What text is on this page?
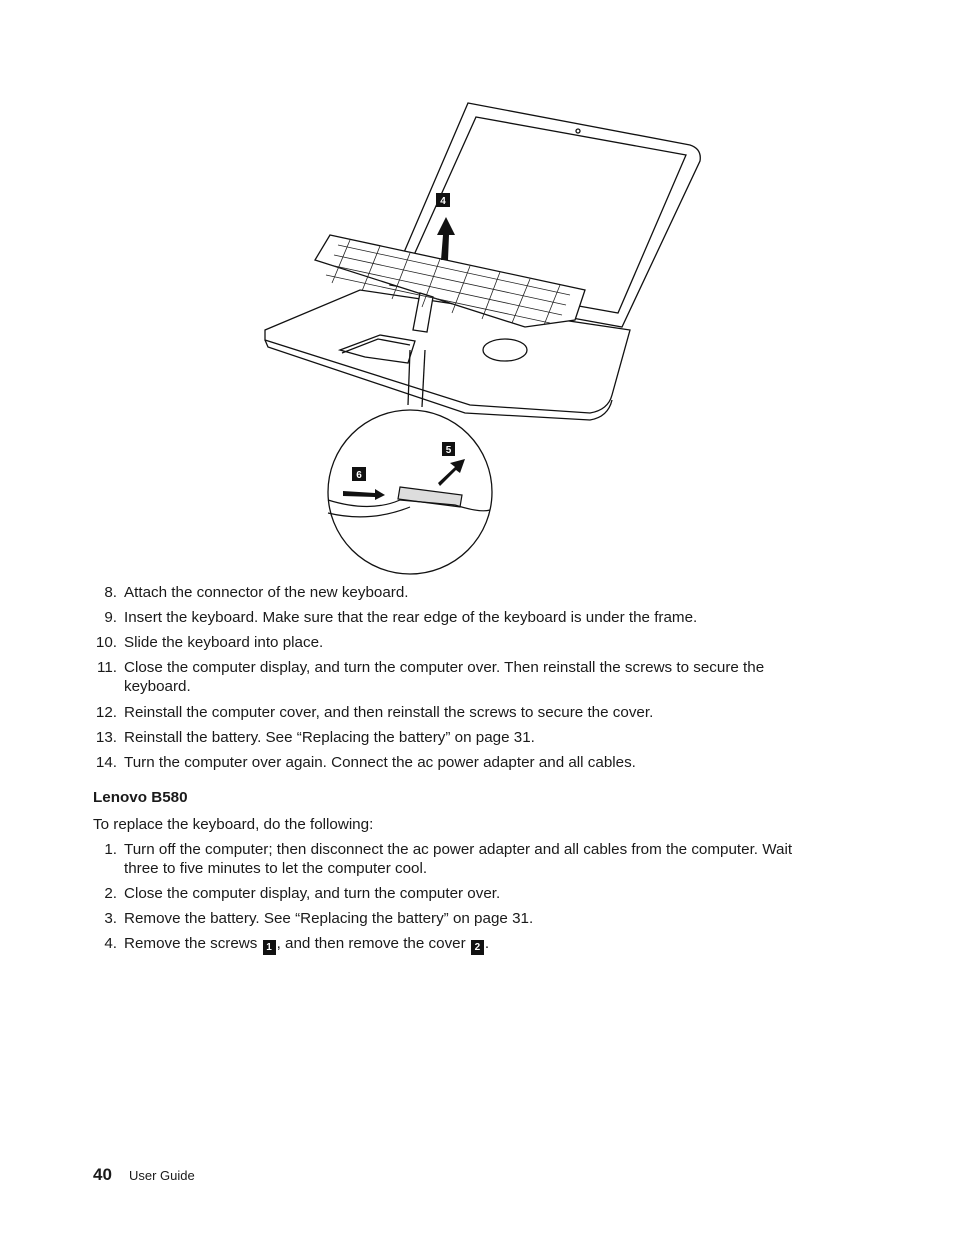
4
5
6
8. Attach the connector of the new keyboard.
9. Insert the keyboard. Make sure that the rear edge of the keyboard is under the frame.
10. Slide the keyboard into place.
11. Close the computer display, and turn the computer over. Then reinstall the screws to secure the
keyboard.
12. Reinstall the computer cover, and then reinstall the screws to secure the cover.
13. Reinstall the battery. See “Replacing the battery” on page 31.
14. Turn the computer over again. Connect the ac power adapter and all cables.
Lenovo B580
To replace the keyboard, do the following:
1. Turn off the computer; then disconnect the ac power adapter and all cables from the computer. Wait
three to five minutes to let the computer cool.
2. Close the computer display, and turn the computer over.
3. Remove the battery. See “Replacing the battery” on page 31.
4. Remove the screws 1 , and then remove the cover 2 .
40 User Guide
